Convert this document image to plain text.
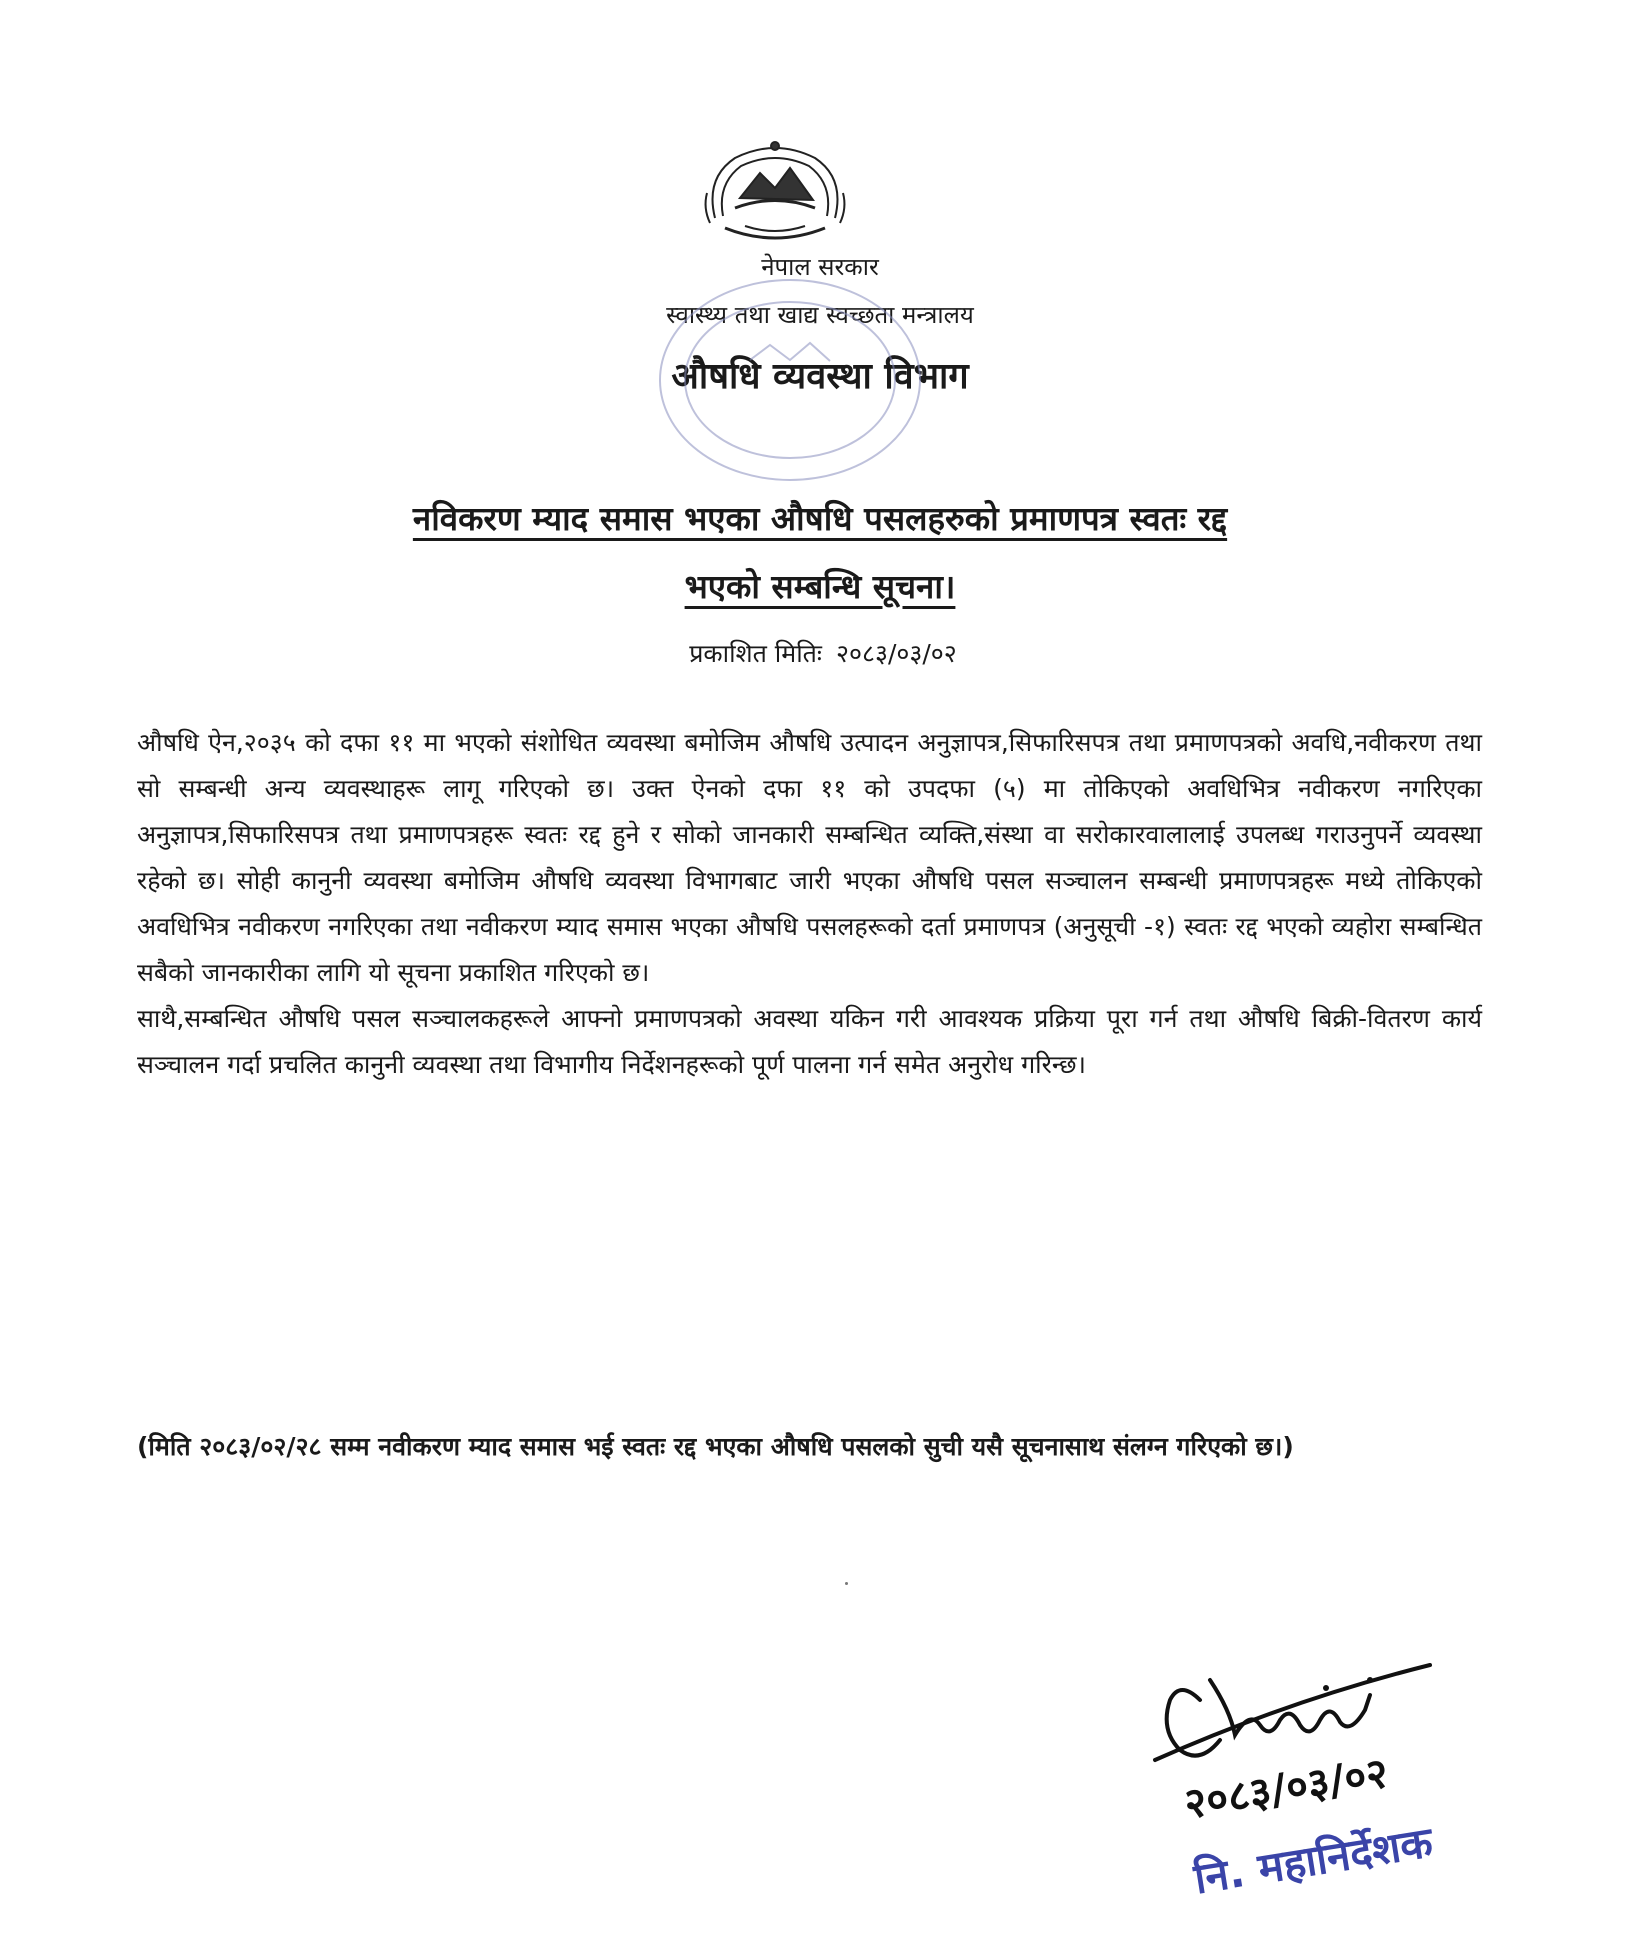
नेपाल सरकार
स्वास्थ्य तथा खाद्य स्वच्छता मन्त्रालय
औषधि व्यवस्था विभाग
नविकरण म्याद समास भएका औषधि पसलहरुको प्रमाणपत्र स्वतः रद्द
भएको सम्बन्धि सूचना।
प्रकाशित मितिः २०८३/०३/०२

औषधि ऐन,२०३५ को दफा ११ मा भएको संशोधित व्यवस्था बमोजिम औषधि उत्पादन अनुज्ञापत्र,सिफारिसपत्र तथा प्रमाणपत्रको अवधि,नवीकरण तथा सो सम्बन्धी अन्य व्यवस्थाहरू लागू गरिएको छ। उक्त ऐनको दफा ११ को उपदफा (५) मा तोकिएको अवधिभित्र नवीकरण नगरिएका अनुज्ञापत्र,सिफारिसपत्र तथा प्रमाणपत्रहरू स्वतः रद्द हुने र सोको जानकारी सम्बन्धित व्यक्ति,संस्था वा सरोकारवालालाई उपलब्ध गराउनुपर्ने व्यवस्था रहेको छ। सोही कानुनी व्यवस्था बमोजिम औषधि व्यवस्था विभागबाट जारी भएका औषधि पसल सञ्चालन सम्बन्धी प्रमाणपत्रहरू मध्ये तोकिएको अवधिभित्र नवीकरण नगरिएका तथा नवीकरण म्याद समास भएका औषधि पसलहरूको दर्ता प्रमाणपत्र (अनुसूची -१) स्वतः रद्द भएको व्यहोरा सम्बन्धित सबैको जानकारीका लागि यो सूचना प्रकाशित गरिएको छ।

साथै,सम्बन्धित औषधि पसल सञ्चालकहरूले आफ्नो प्रमाणपत्रको अवस्था यकिन गरी आवश्यक प्रक्रिया पूरा गर्न तथा औषधि बिक्री-वितरण कार्य सञ्चालन गर्दा प्रचलित कानुनी व्यवस्था तथा विभागीय निर्देशनहरूको पूर्ण पालना गर्न समेत अनुरोध गरिन्छ।

(मिति २०८३/०२/२८ सम्म नवीकरण म्याद समास भई स्वतः रद्द भएका औषधि पसलको सुची यसै सूचनासाथ संलग्न गरिएको छ।)
२०८३/०३/०२
नि. महानिर्देशक
